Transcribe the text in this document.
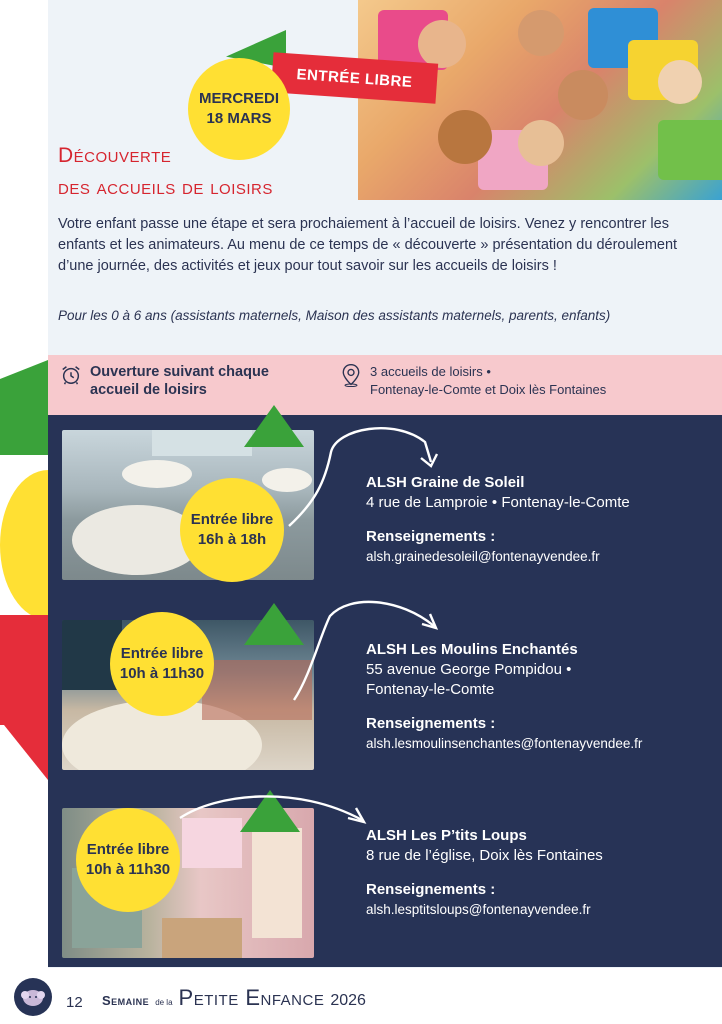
ENTRÉE LIBRE
MERCREDI
18 MARS
Découverte
des accueils de loisirs

Votre enfant passe une étape et sera prochaiement à l’accueil de loisirs. Venez y rencontrer les enfants et les animateurs. Au menu de ce temps de « découverte » présentation du déroulement d’une journée, des activités et jeux pour tout savoir sur les accueils de loisirs !

Pour les 0 à 6 ans (assistants maternels, Maison des assistants maternels, parents, enfants)

Ouverture suivant chaque
accueil de loisirs
3 accueils de loisirs •
Fontenay-le-Comte et Doix lès Fontaines
Entrée libre
16h à 18h
ALSH Graine de Soleil
4 rue de Lamproie • Fontenay-le-Comte
Renseignements :
alsh.grainedesoleil@fontenayvendee.fr
Entrée libre
10h à 11h30
ALSH Les Moulins Enchantés
55 avenue George Pompidou •
Fontenay-le-Comte
Renseignements :
alsh.lesmoulinsenchantes@fontenayvendee.fr
Entrée libre
10h à 11h30
ALSH Les P’tits Loups
8 rue de l’église, Doix lès Fontaines
Renseignements :
alsh.lesptitsloups@fontenayvendee.fr
12 Semaine de la Petite Enfance 2026
